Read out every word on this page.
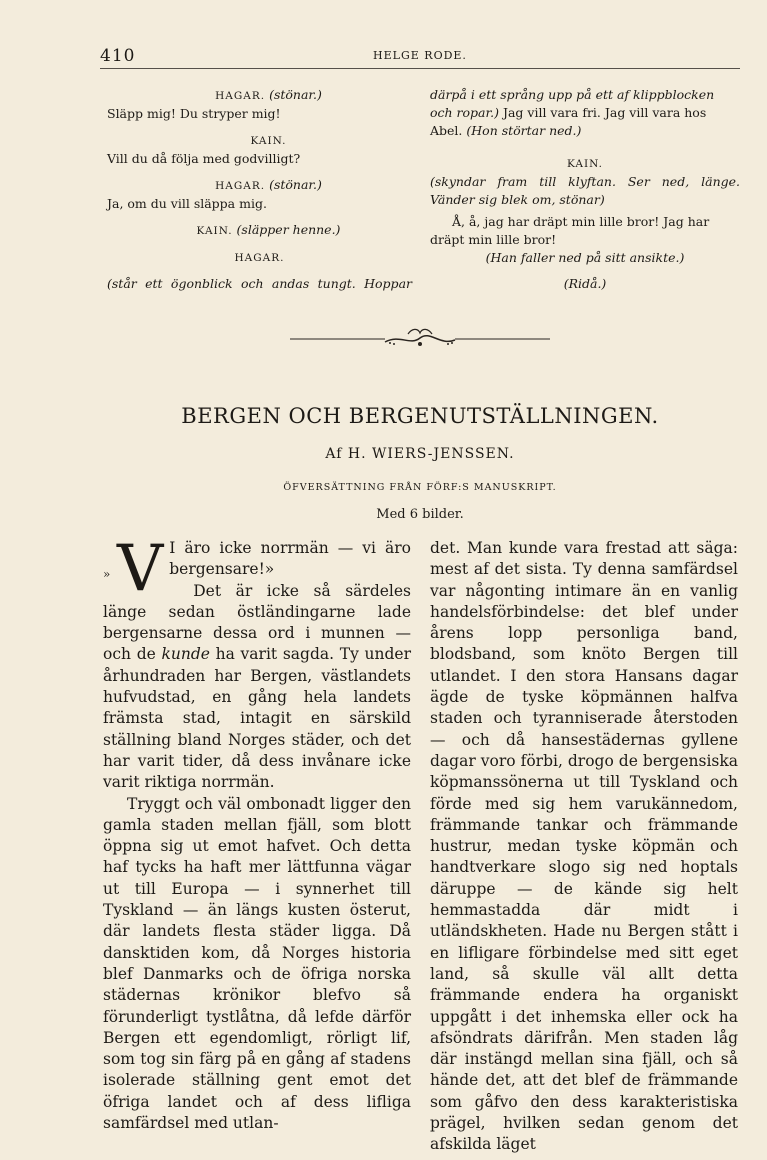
410	HELGE RODE.
HAGAR. (stönar.)
Släpp mig! Du stryper mig!
KAIN.
Vill du då följa med godvilligt?
HAGAR. (stönar.)
Ja, om du vill släppa mig.
KAIN. (släpper henne.)
HAGAR.
(står ett ögonblick och andas tungt. Hoppar
därpå i ett språng upp på ett af klippblocken och ropar.) Jag vill vara fri. Jag vill vara hos Abel. (Hon störtar ned.)
KAIN.
(skyndar fram till klyftan. Ser ned, länge. Vänder sig blek om, stönar)
Å, å, jag har dräpt min lille bror! Jag har dräpt min lille bror!
(Han faller ned på sitt ansikte.)
(Ridå.)
BERGEN OCH BERGENUTSTÄLLNINGEN.
Af H. WIERS-JENSSEN.
ÖFVERSÄTTNING FRÅN FÖRF:S MANUSKRIPT.
Med 6 bilder.

» V I äro icke norrmän — vi äro bergensare!»

Det är icke så särdeles länge sedan östländingarne lade bergensarne dessa ord i munnen — och de kunde ha varit sagda. Ty under århundraden har Bergen, västlandets hufvudstad, en gång hela landets främsta stad, intagit en särskild ställning bland Norges städer, och det har varit tider, då dess invånare icke varit riktiga norrmän.

Tryggt och väl ombonadt ligger den gamla staden mellan fjäll, som blott öppna sig ut emot hafvet. Och detta haf tycks ha haft mer lättfunna vägar ut till Europa — i synnerhet till Tyskland — än längs kusten österut, där landets flesta städer ligga. Då dansktiden kom, då Norges historia blef Danmarks och de öfriga norska städernas krönikor blefvo så förunderligt tystlåtna, då lefde därför Bergen ett egendomligt, rörligt lif, som tog sin färg på en gång af stadens isolerade ställning gent emot det öfriga landet och af dess lifliga samfärdsel med utlan-

det. Man kunde vara frestad att säga: mest af det sista. Ty denna samfärdsel var någonting intimare än en vanlig handelsförbindelse: det blef under årens lopp personliga band, blodsband, som knöto Bergen till utlandet. I den stora Hansans dagar ägde de tyske köpmännen halfva staden och tyranniserade återstoden — och då hansestädernas gyllene dagar voro förbi, drogo de bergensiska köpmanssönerna ut till Tyskland och förde med sig hem varukännedom, främmande tankar och främmande hustrur, medan tyske köpmän och handtverkare slogo sig ned hoptals däruppe — de kände sig helt hemmastadda där midt i utländskheten. Hade nu Bergen stått i en lifligare förbindelse med sitt eget land, så skulle väl allt detta främmande endera ha organiskt uppgått i det inhemska eller ock ha afsöndrats därifrån. Men staden låg där instängd mellan sina fjäll, och så hände det, att det blef de främmande som gåfvo den dess karakteristiska prägel, hvilken sedan genom det afskilda läget
